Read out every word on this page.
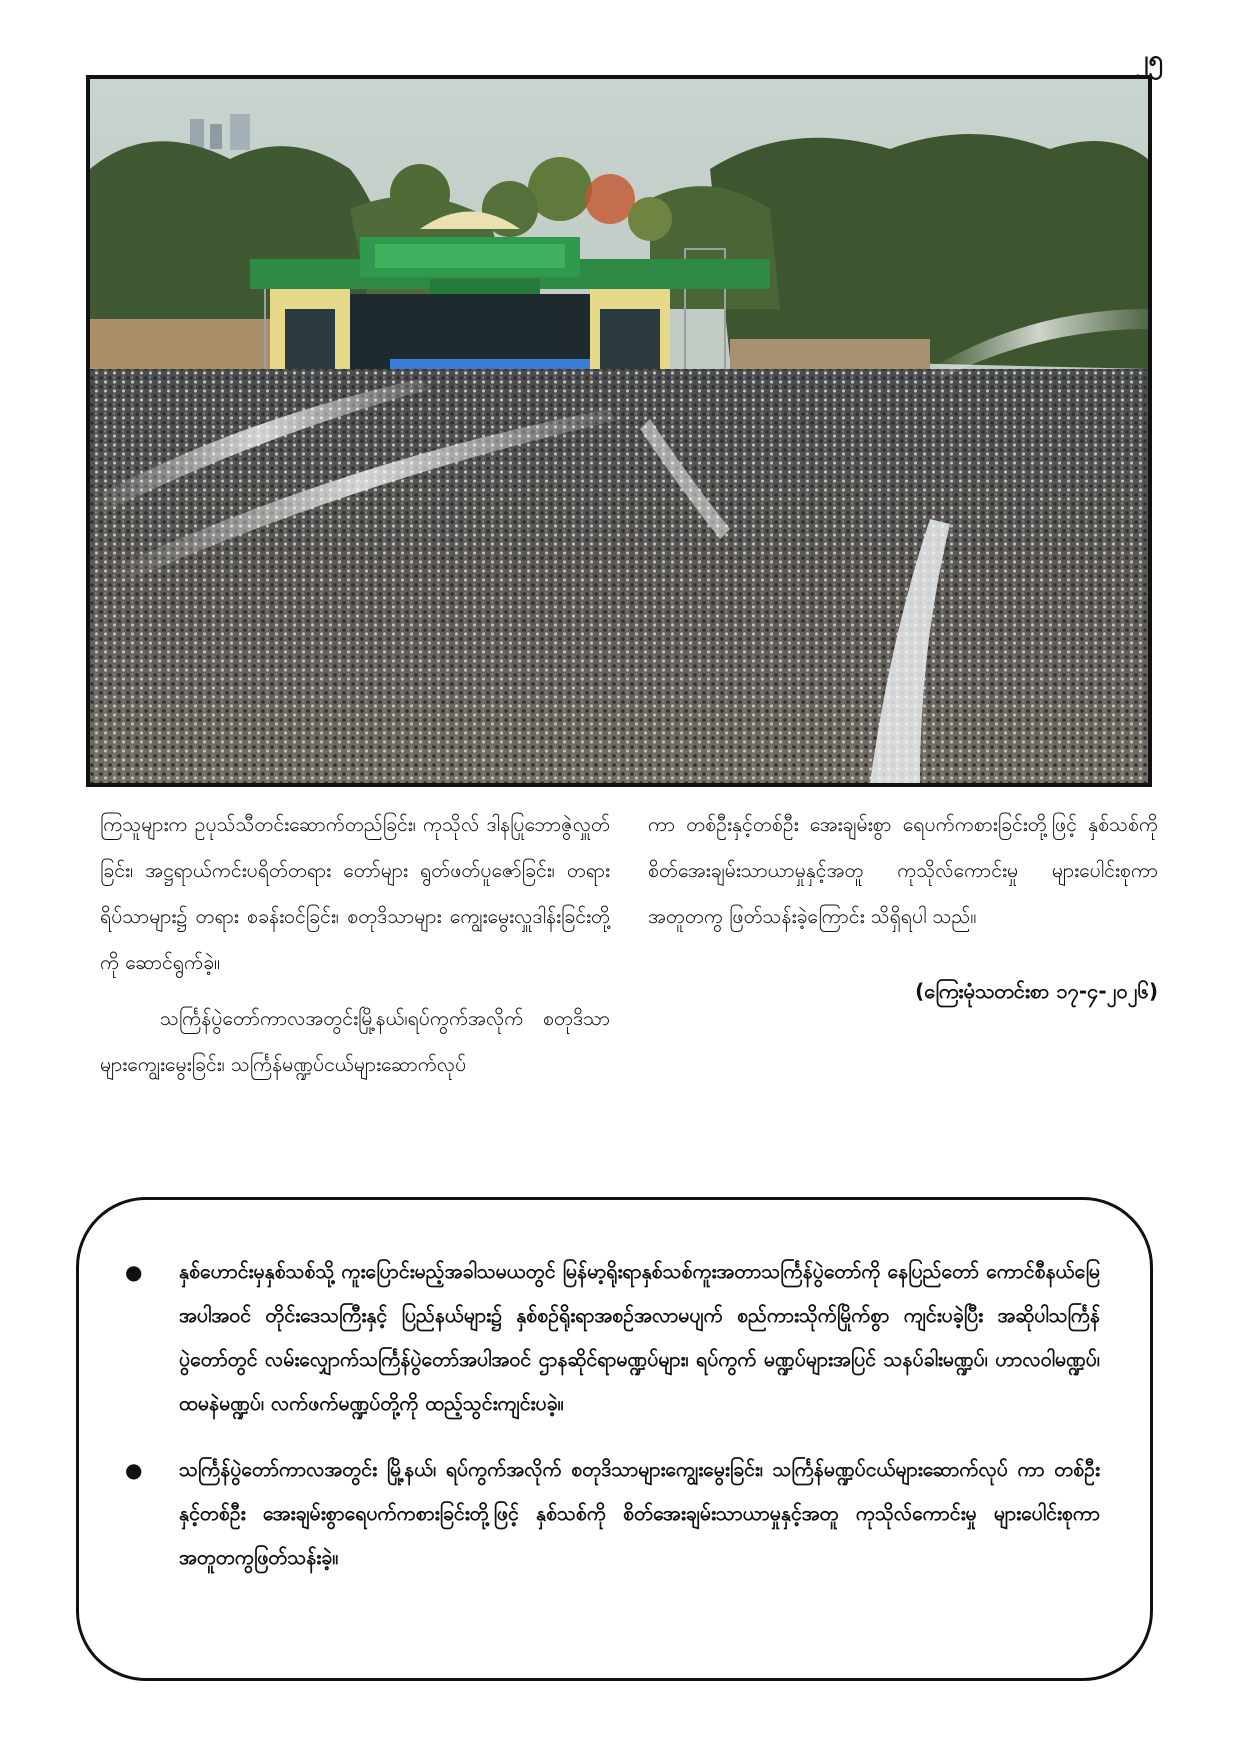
၂၅

ကြသူများက ဥပုသ်သီတင်းဆောက်တည်ခြင်း၊ ကုသိုလ် ဒါနပြုဘောဇွဲလှူတ်ခြင်း၊ အဋ္ဌရာယ်ကင်းပရိတ်တရား တော်များ ရွတ်ဖတ်ပူဇော်ခြင်း၊ တရားရိပ်သာများ၌ တရား စခန်းဝင်ခြင်း၊ စတုဒိသာများ ကျွေးမွေးလှူဒါန်းခြင်းတို့ ကို ဆောင်ရွက်ခဲ့။

သင်္ကြန်ပွဲတော်ကာလအတွင်းမြို့နယ်၊ရပ်ကွက်အလိုက် စတုဒိသာများကျွေးမွေးခြင်း၊ သင်္ကြန်မဏ္ဍပ်ငယ်များဆောက်လုပ်

ကာ တစ်ဦးနှင့်တစ်ဦး အေးချမ်းစွာ ရေပက်ကစားခြင်းတို့ဖြင့် နှစ်သစ်ကို စိတ်အေးချမ်းသာယာမှုနှင့်အတူ ကုသိုလ်ကောင်းမှု များပေါင်းစုကာ အတူတကွ ဖြတ်သန်းခဲ့ကြောင်း သိရှိရပါ သည်။

(ကြေးမုံသတင်းစာ ၁၇-၄-၂၀၂၆)

● နှစ်ဟောင်းမှနှစ်သစ်သို့ ကူးပြောင်းမည့်အခါသမယတွင် မြန်မာ့ရိုးရာနှစ်သစ်ကူးအတာသင်္ကြန်ပွဲတော်ကို နေပြည်တော် ကောင်စီနယ်မြေအပါအဝင် တိုင်းဒေသကြီးနှင့် ပြည်နယ်များ၌ နှစ်စဉ်ရိုးရာအစဉ်အလာမပျက် စည်ကားသိုက်မြိုက်စွာ ကျင်းပခဲ့ပြီး အဆိုပါသင်္ကြန်ပွဲတော်တွင် လမ်းလျှောက်သင်္ကြန်ပွဲတော်အပါအဝင် ဌာနဆိုင်ရာမဏ္ဍပ်များ၊ ရပ်ကွက် မဏ္ဍပ်များအပြင် သနပ်ခါးမဏ္ဍပ်၊ ဟာလဝါမဏ္ဍပ်၊ ထမနဲမဏ္ဍပ်၊ လက်ဖက်မဏ္ဍပ်တို့ကို ထည့်သွင်းကျင်းပခဲ့။
● သင်္ကြန်ပွဲတော်ကာလအတွင်း မြို့နယ်၊ ရပ်ကွက်အလိုက် စတုဒိသာများကျွေးမွေးခြင်း၊ သင်္ကြန်မဏ္ဍပ်ငယ်များဆောက်လုပ် ကာ တစ်ဦးနှင့်တစ်ဦး အေးချမ်းစွာရေပက်ကစားခြင်းတို့ဖြင့် နှစ်သစ်ကို စိတ်အေးချမ်းသာယာမှုနှင့်အတူ ကုသိုလ်ကောင်းမှု များပေါင်းစုကာ အတူတကွဖြတ်သန်းခဲ့။
